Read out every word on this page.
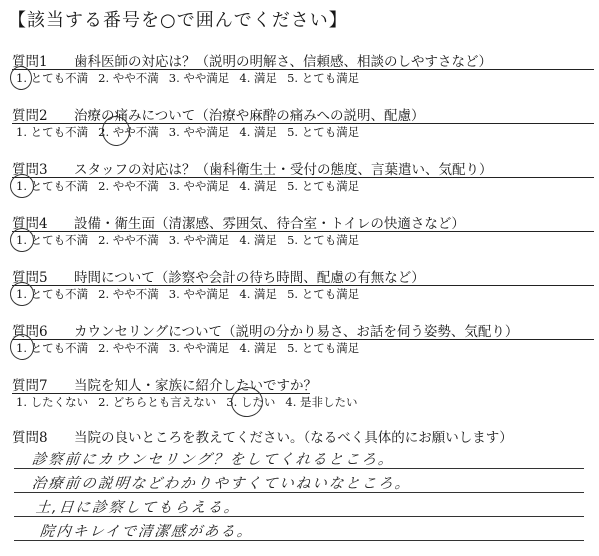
【該当する番号を○で囲んでください】
質問1 歯科医師の対応は？（説明の明解さ、信頼感、相談のしやすさなど）
1. とても不満 2. やや不満 3. やや満足 4. 満足 5. とても満足
質問2 治療の痛みについて（治療や麻酔の痛みへの説明、配慮）
1. とても不満 2. やや不満 3. やや満足 4. 満足 5. とても満足
質問3 スタッフの対応は？（歯科衛生士・受付の態度、言葉遣い、気配り）
1. とても不満 2. やや不満 3. やや満足 4. 満足 5. とても満足
質問4 設備・衛生面（清潔感、雰囲気、待合室・トイレの快適さなど）
1. とても不満 2. やや不満 3. やや満足 4. 満足 5. とても満足
質問5 時間について（診察や会計の待ち時間、配慮の有無など）
1. とても不満 2. やや不満 3. やや満足 4. 満足 5. とても満足
質問6 カウンセリングについて（説明の分かり易さ、お話を伺う姿勢、気配り）
1. とても不満 2. やや不満 3. やや満足 4. 満足 5. とても満足
質問7 当院を知人・家族に紹介したいですか？
1. したくない 2. どちらとも言えない 3. したい 4. 是非したい
質問8 当院の良いところを教えてください。（なるべく具体的にお願いします）
診察前にカウンセリング？をしてくれるところ。
治療前の説明などわかりやすくていねいなところ。
土,日に診察してもらえる。
院内キレイで清潔感がある。
